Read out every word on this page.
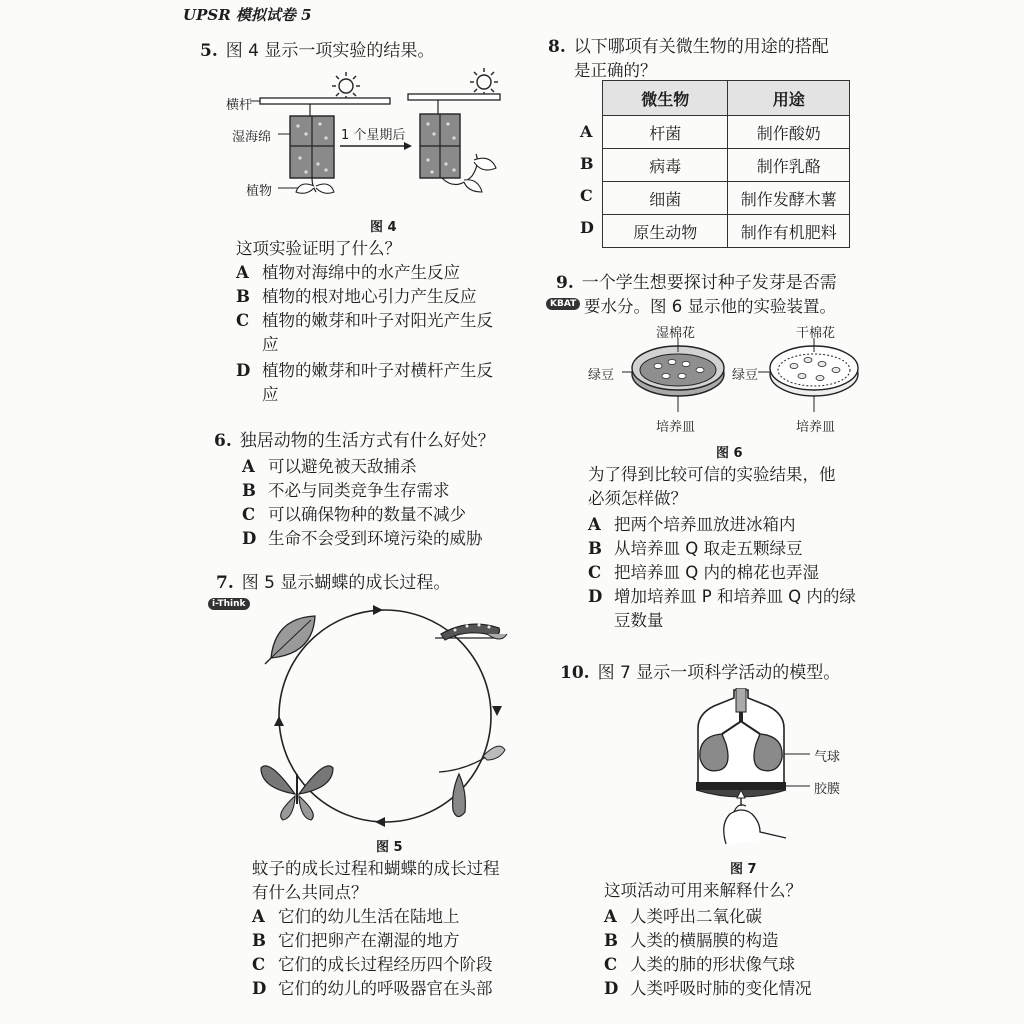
UPSR 模拟试卷 5
5. 图 4 显示一项实验的结果。
横杆
湿海绵
植物
1 个星期后
图 4
这项实验证明了什么？
A 植物对海绵中的水产生反应
B 植物的根对地心引力产生反应
C 植物的嫩芽和叶子对阳光产生反
应
D 植物的嫩芽和叶子对横杆产生反
应
6. 独居动物的生活方式有什么好处？
A 可以避免被天敌捕杀
B 不必与同类竞争生存需求
C 可以确保物种的数量不减少
D 生命不会受到环境污染的威胁
7. 图 5 显示蝴蝶的成长过程。
i-Think
图 5
蚊子的成长过程和蝴蝶的成长过程
有什么共同点？
A 它们的幼儿生活在陆地上
B 它们把卵产在潮湿的地方
C 它们的成长过程经历四个阶段
D 它们的幼儿的呼吸器官在头部
8. 以下哪项有关微生物的用途的搭配
是正确的？
微生物	用途
杆菌	制作酸奶
病毒	制作乳酪
细菌	制作发酵木薯
原生动物	制作有机肥料
A
B
C
D
9. 一个学生想要探讨种子发芽是否需
KBAT 要水分。图 6 显示他的实验装置。
湿棉花	干棉花
绿豆	绿豆
培养皿	培养皿
图 6
为了得到比较可信的实验结果，他
必须怎样做？
A 把两个培养皿放进冰箱内
B 从培养皿 Q 取走五颗绿豆
C 把培养皿 Q 内的棉花也弄湿
D 增加培养皿 P 和培养皿 Q 内的绿
豆数量
10. 图 7 显示一项科学活动的模型。
气球
胶膜
图 7
这项活动可用来解释什么？
A 人类呼出二氧化碳
B 人类的横膈膜的构造
C 人类的肺的形状像气球
D 人类呼吸时肺的变化情况
